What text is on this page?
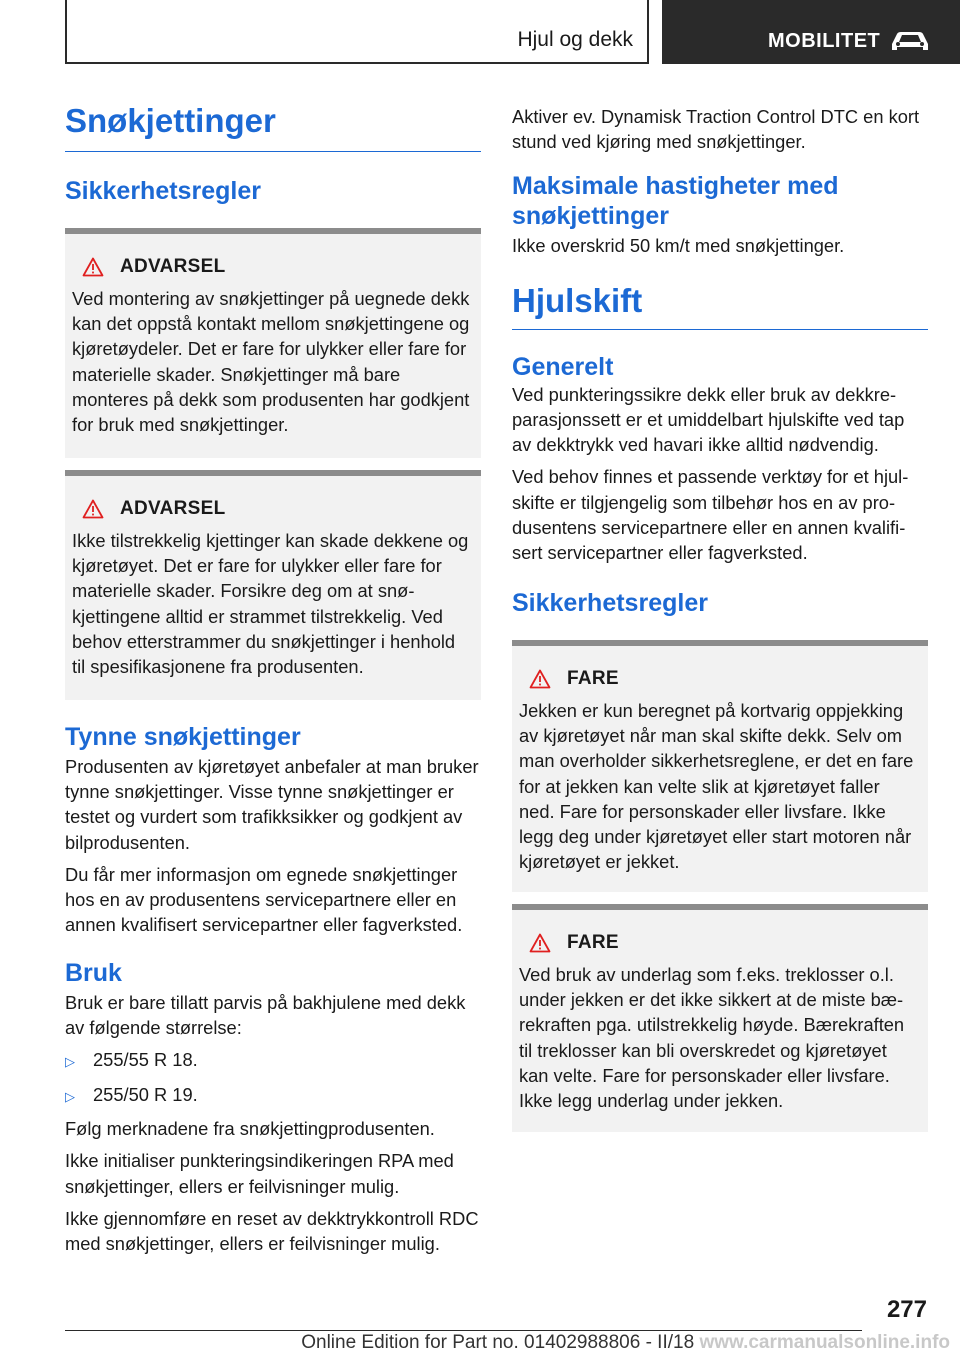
Hjul og dekk	MOBILITET
Snøkjettinger
Sikkerhetsregler
ADVARSEL

Ved montering av snøkjettinger på uegnede dekk kan det oppstå kontakt mellom snøkjettingene og kjøretøydeler. Det er fare for ulykker eller fare for materielle skader. Snøkjettinger må bare monteres på dekk som produsenten har godkjent for bruk med snøkjettinger.

ADVARSEL

Ikke tilstrekkelig kjettinger kan skade dekkene og kjøretøyet. Det er fare for ulykker eller fare for materielle skader. Forsikre deg om at snøkjettingene alltid er strammet tilstrekkelig. Ved behov etterstrammer du snøkjettinger i henhold til spesifikasjonene fra produsenten.

Tynne snøkjettinger

Produsenten av kjøretøyet anbefaler at man bruker tynne snøkjettinger. Visse tynne snøkjettinger er testet og vurdert som trafikksikker og godkjent av bilprodusenten.

Du får mer informasjon om egnede snøkjettinger hos en av produsentens servicepartnere eller en annen kvalifisert servicepartner eller fagverksted.

Bruk

Bruk er bare tillatt parvis på bakhjulene med dekk av følgende størrelse:

▷ 255/55 R 18.
▷ 255/50 R 19.

Følg merknadene fra snøkjettingprodusenten.

Ikke initialiser punkteringsindikeringen RPA med snøkjettinger, ellers er feilvisninger mulig.

Ikke gjennomføre en reset av dekktrykkontroll RDC med snøkjettinger, ellers er feilvisninger mulig.

Aktiver ev. Dynamisk Traction Control DTC en kort stund ved kjøring med snøkjettinger.

Maksimale hastigheter med snøkjettinger

Ikke overskrid 50 km/t med snøkjettinger.

Hjulskift
Generelt

Ved punkteringssikre dekk eller bruk av dekkreparasjonssett er et umiddelbart hjulskifte ved tap av dekktrykk ved havari ikke alltid nødvendig.

Ved behov finnes et passende verktøy for et hjulskifte er tilgjengelig som tilbehør hos en av produsentens servicepartnere eller en annen kvalifisert servicepartner eller fagverksted.

Sikkerhetsregler
FARE

Jekken er kun beregnet på kortvarig oppjekking av kjøretøyet når man skal skifte dekk. Selv om man overholder sikkerhetsreglene, er det en fare for at jekken kan velte slik at kjøretøyet faller ned. Fare for personskader eller livsfare. Ikke legg deg under kjøretøyet eller start motoren når kjøretøyet er jekket.

FARE

Ved bruk av underlag som f.eks. treklosser o.l. under jekken er det ikke sikkert at de miste bærekraften pga. utilstrekkelig høyde. Bærekraften til treklosser kan bli overskredet og kjøretøyet kan velte. Fare for personskader eller livsfare. Ikke legg underlag under jekken.

277
Online Edition for Part no. 01402988806 - II/18 www.carmanualsonline.info
